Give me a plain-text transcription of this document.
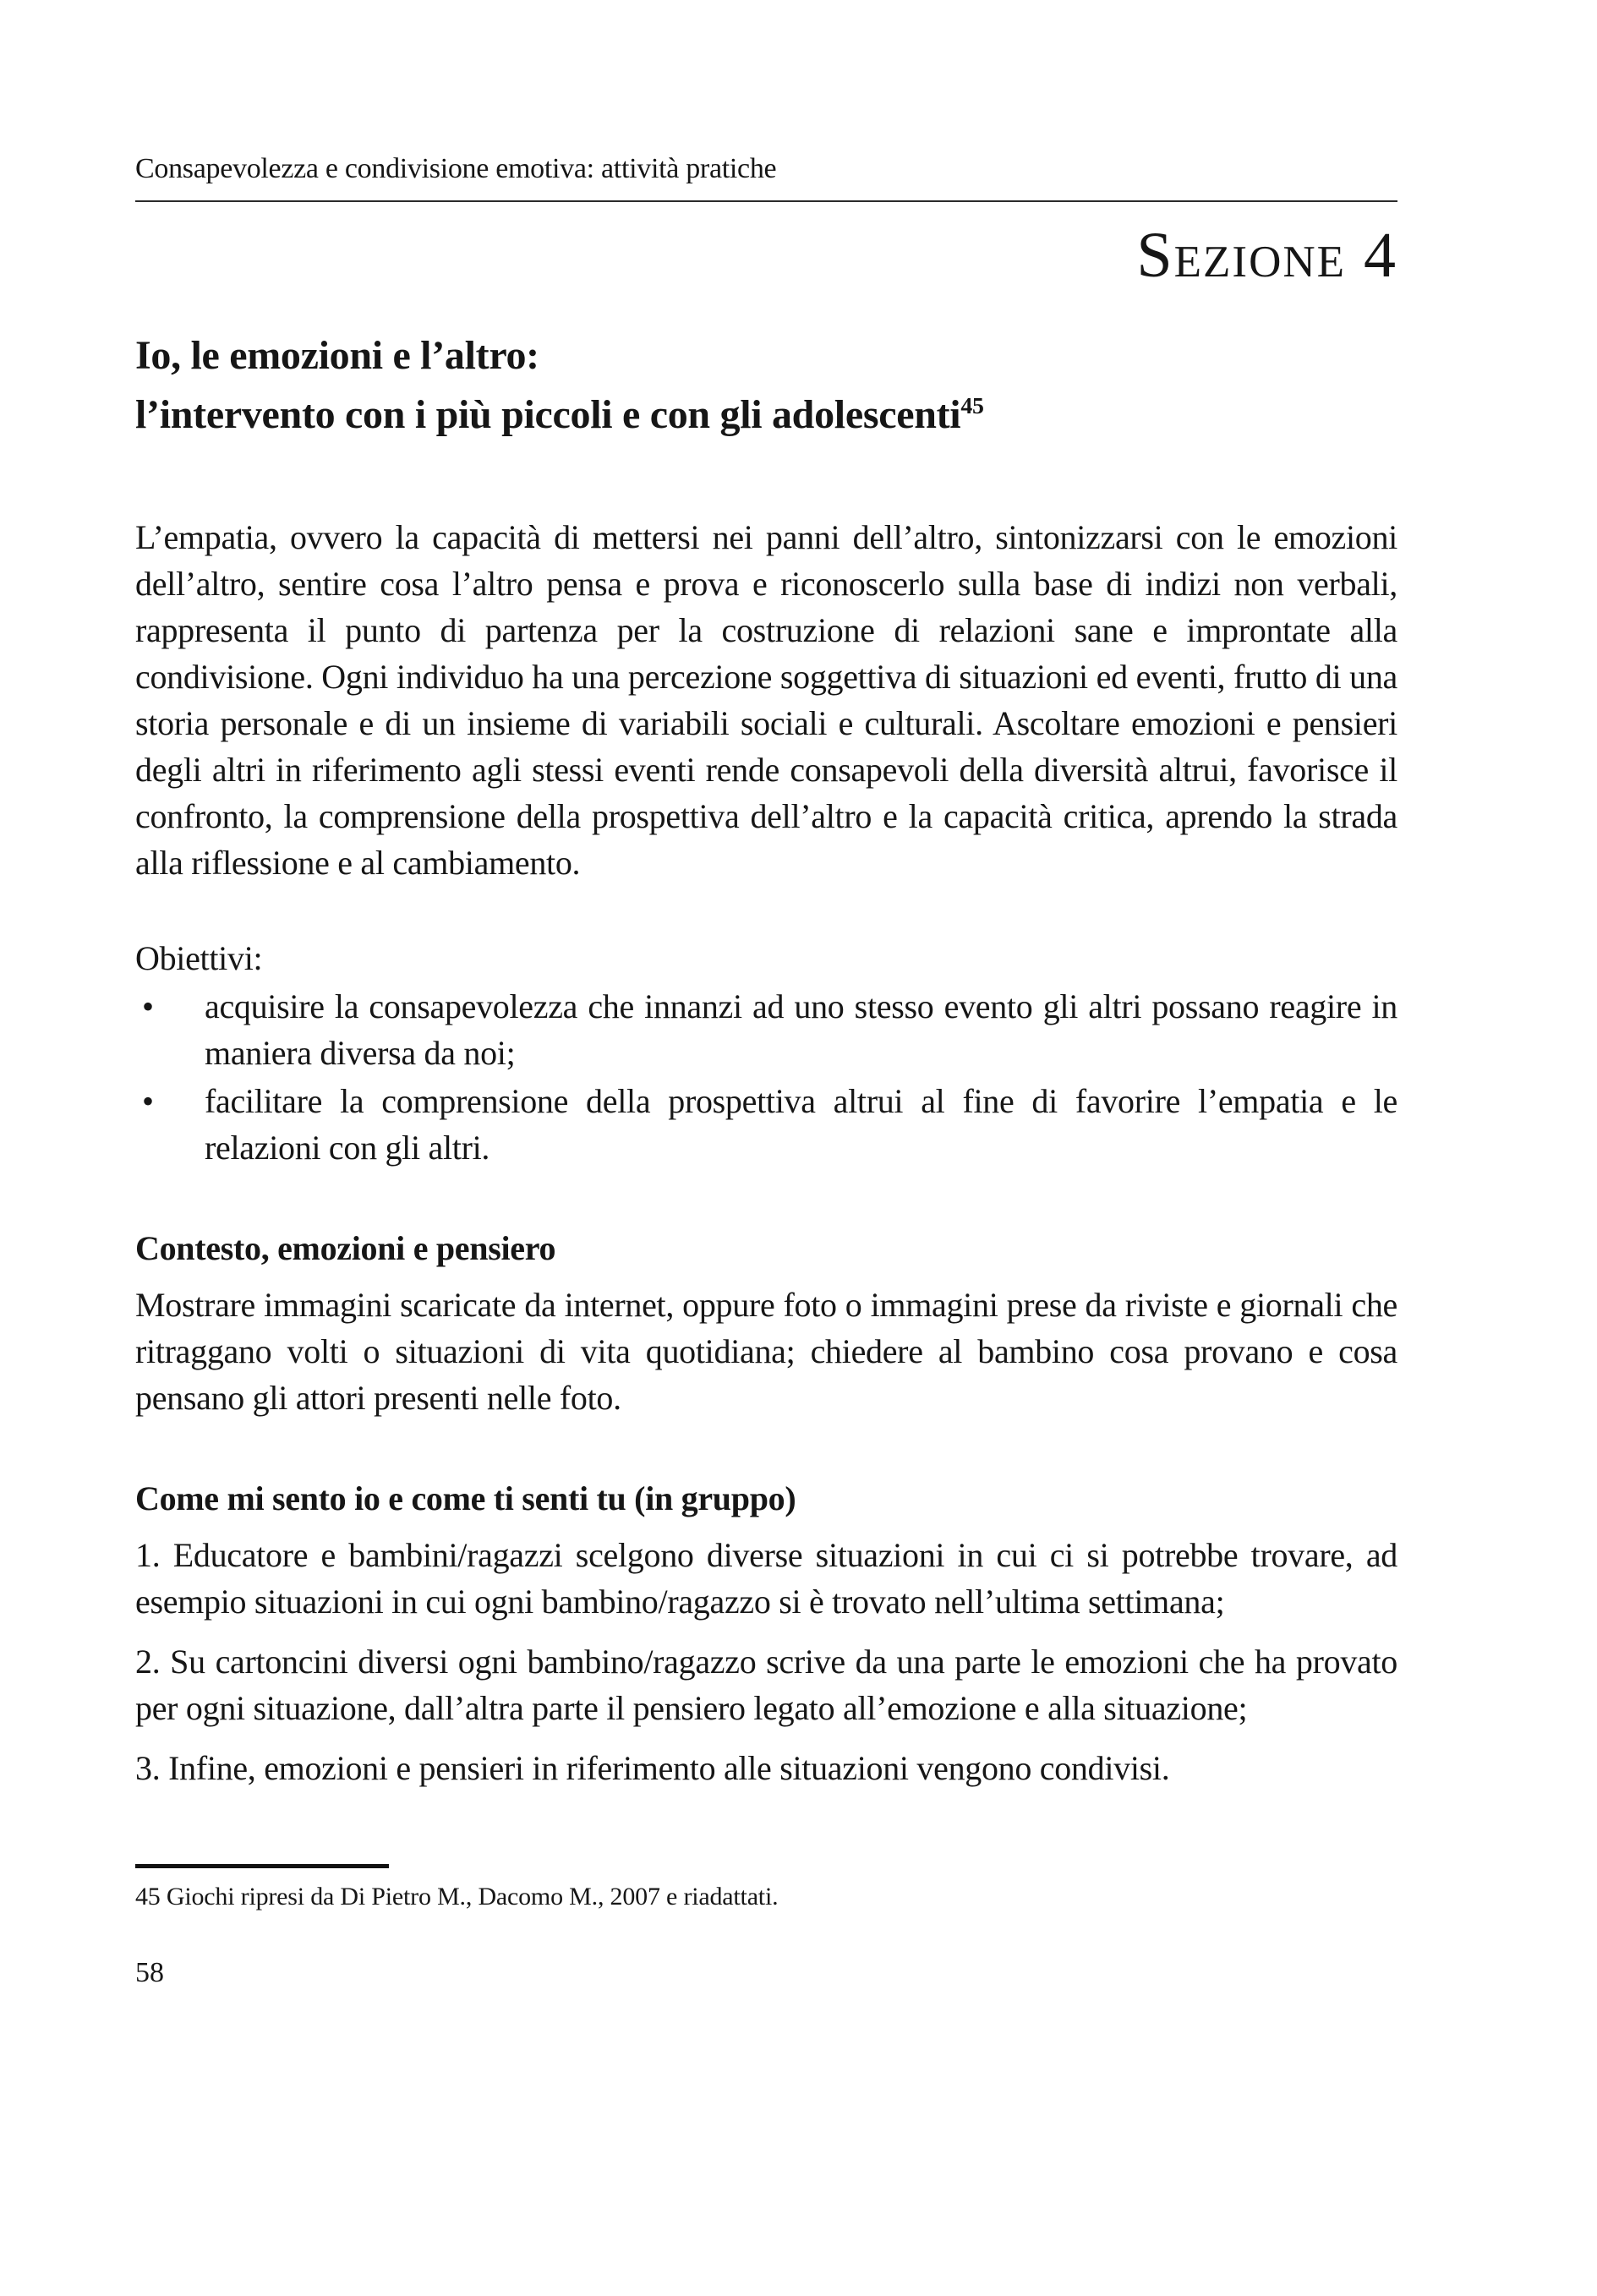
Consapevolezza e condivisione emotiva: attività pratiche
Sezione 4
Io, le emozioni e l’altro:
l’intervento con i più piccoli e con gli adolescenti$^{45}$

L’empatia, ovvero la capacità di mettersi nei panni dell’altro, sintonizzarsi con le emozioni dell’altro, sentire cosa l’altro pensa e prova e riconoscerlo sulla base di indizi non verbali, rappresenta il punto di partenza per la costruzione di relazioni sane e improntate alla condivisione. Ogni individuo ha una percezione soggettiva di situazioni ed eventi, frutto di una storia personale e di un insieme di variabili sociali e culturali. Ascoltare emozioni e pensieri degli altri in riferimento agli stessi eventi rende consapevoli della diversità altrui, favorisce il confronto, la comprensione della prospettiva dell’altro e la capacità critica, aprendo la strada alla riflessione e al cambiamento.

Obiettivi:
• acquisire la consapevolezza che innanzi ad uno stesso evento gli altri possano reagire in maniera diversa da noi;
• facilitare la comprensione della prospettiva altrui al fine di favorire l’empatia e le relazioni con gli altri.
Contesto, emozioni e pensiero

Mostrare immagini scaricate da internet, oppure foto o immagini prese da riviste e giornali che ritraggano volti o situazioni di vita quotidiana; chiedere al bambino cosa provano e cosa pensano gli attori presenti nelle foto.

Come mi sento io e come ti senti tu (in gruppo)

1. Educatore e bambini/ragazzi scelgono diverse situazioni in cui ci si potrebbe trovare, ad esempio situazioni in cui ogni bambino/ragazzo si è trovato nell’ultima settimana;

2. Su cartoncini diversi ogni bambino/ragazzo scrive da una parte le emozioni che ha provato per ogni situazione, dall’altra parte il pensiero legato all’emozione e alla situazione;

3. Infine, emozioni e pensieri in riferimento alle situazioni vengono condivisi.

45 Giochi ripresi da Di Pietro M., Dacomo M., 2007 e riadattati.
58
